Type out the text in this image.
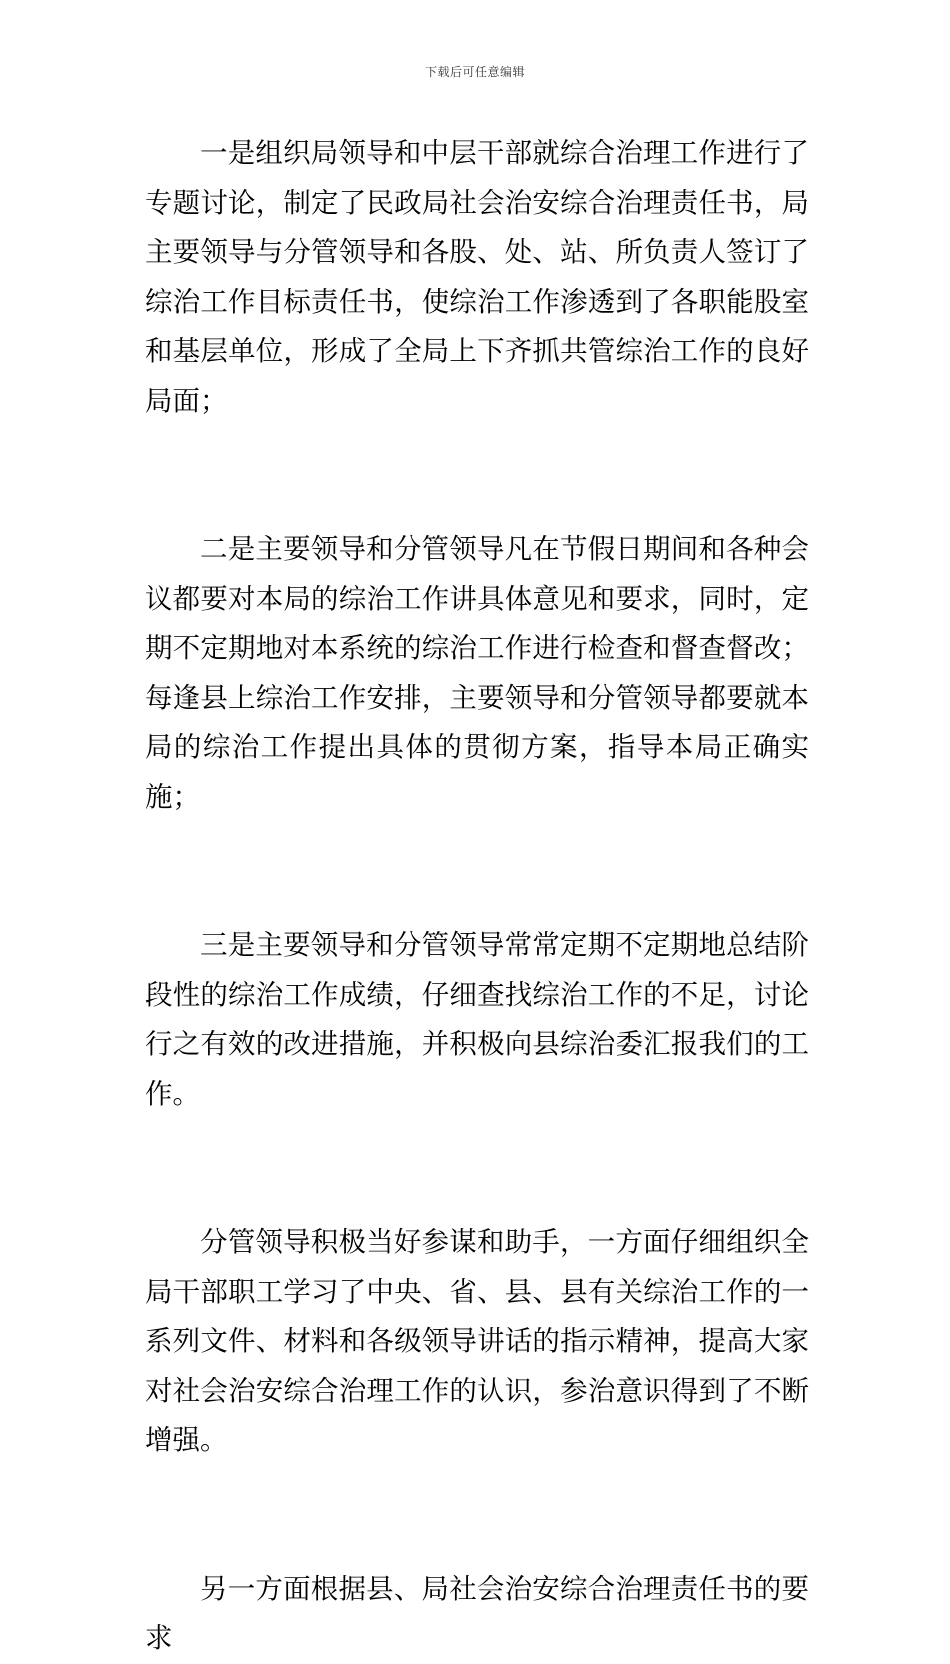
下载后可任意编辑

一是组织局领导和中层干部就综合治理工作进行了专题讨论，制定了民政局社会治安综合治理责任书，局主要领导与分管领导和各股、处、站、所负责人签订了综治工作目标责任书，使综治工作渗透到了各职能股室和基层单位，形成了全局上下齐抓共管综治工作的良好局面；

二是主要领导和分管领导凡在节假日期间和各种会议都要对本局的综治工作讲具体意见和要求，同时，定期不定期地对本系统的综治工作进行检查和督查督改；每逢县上综治工作安排，主要领导和分管领导都要就本局的综治工作提出具体的贯彻方案，指导本局正确实施；

三是主要领导和分管领导常常定期不定期地总结阶段性的综治工作成绩，仔细查找综治工作的不足，讨论行之有效的改进措施，并积极向县综治委汇报我们的工作。

分管领导积极当好参谋和助手，一方面仔细组织全局干部职工学习了中央、省、县、县有关综治工作的一系列文件、材料和各级领导讲话的指示精神，提高大家对社会治安综合治理工作的认识，参治意识得到了不断增强。

另一方面根据县、局社会治安综合治理责任书的要求
